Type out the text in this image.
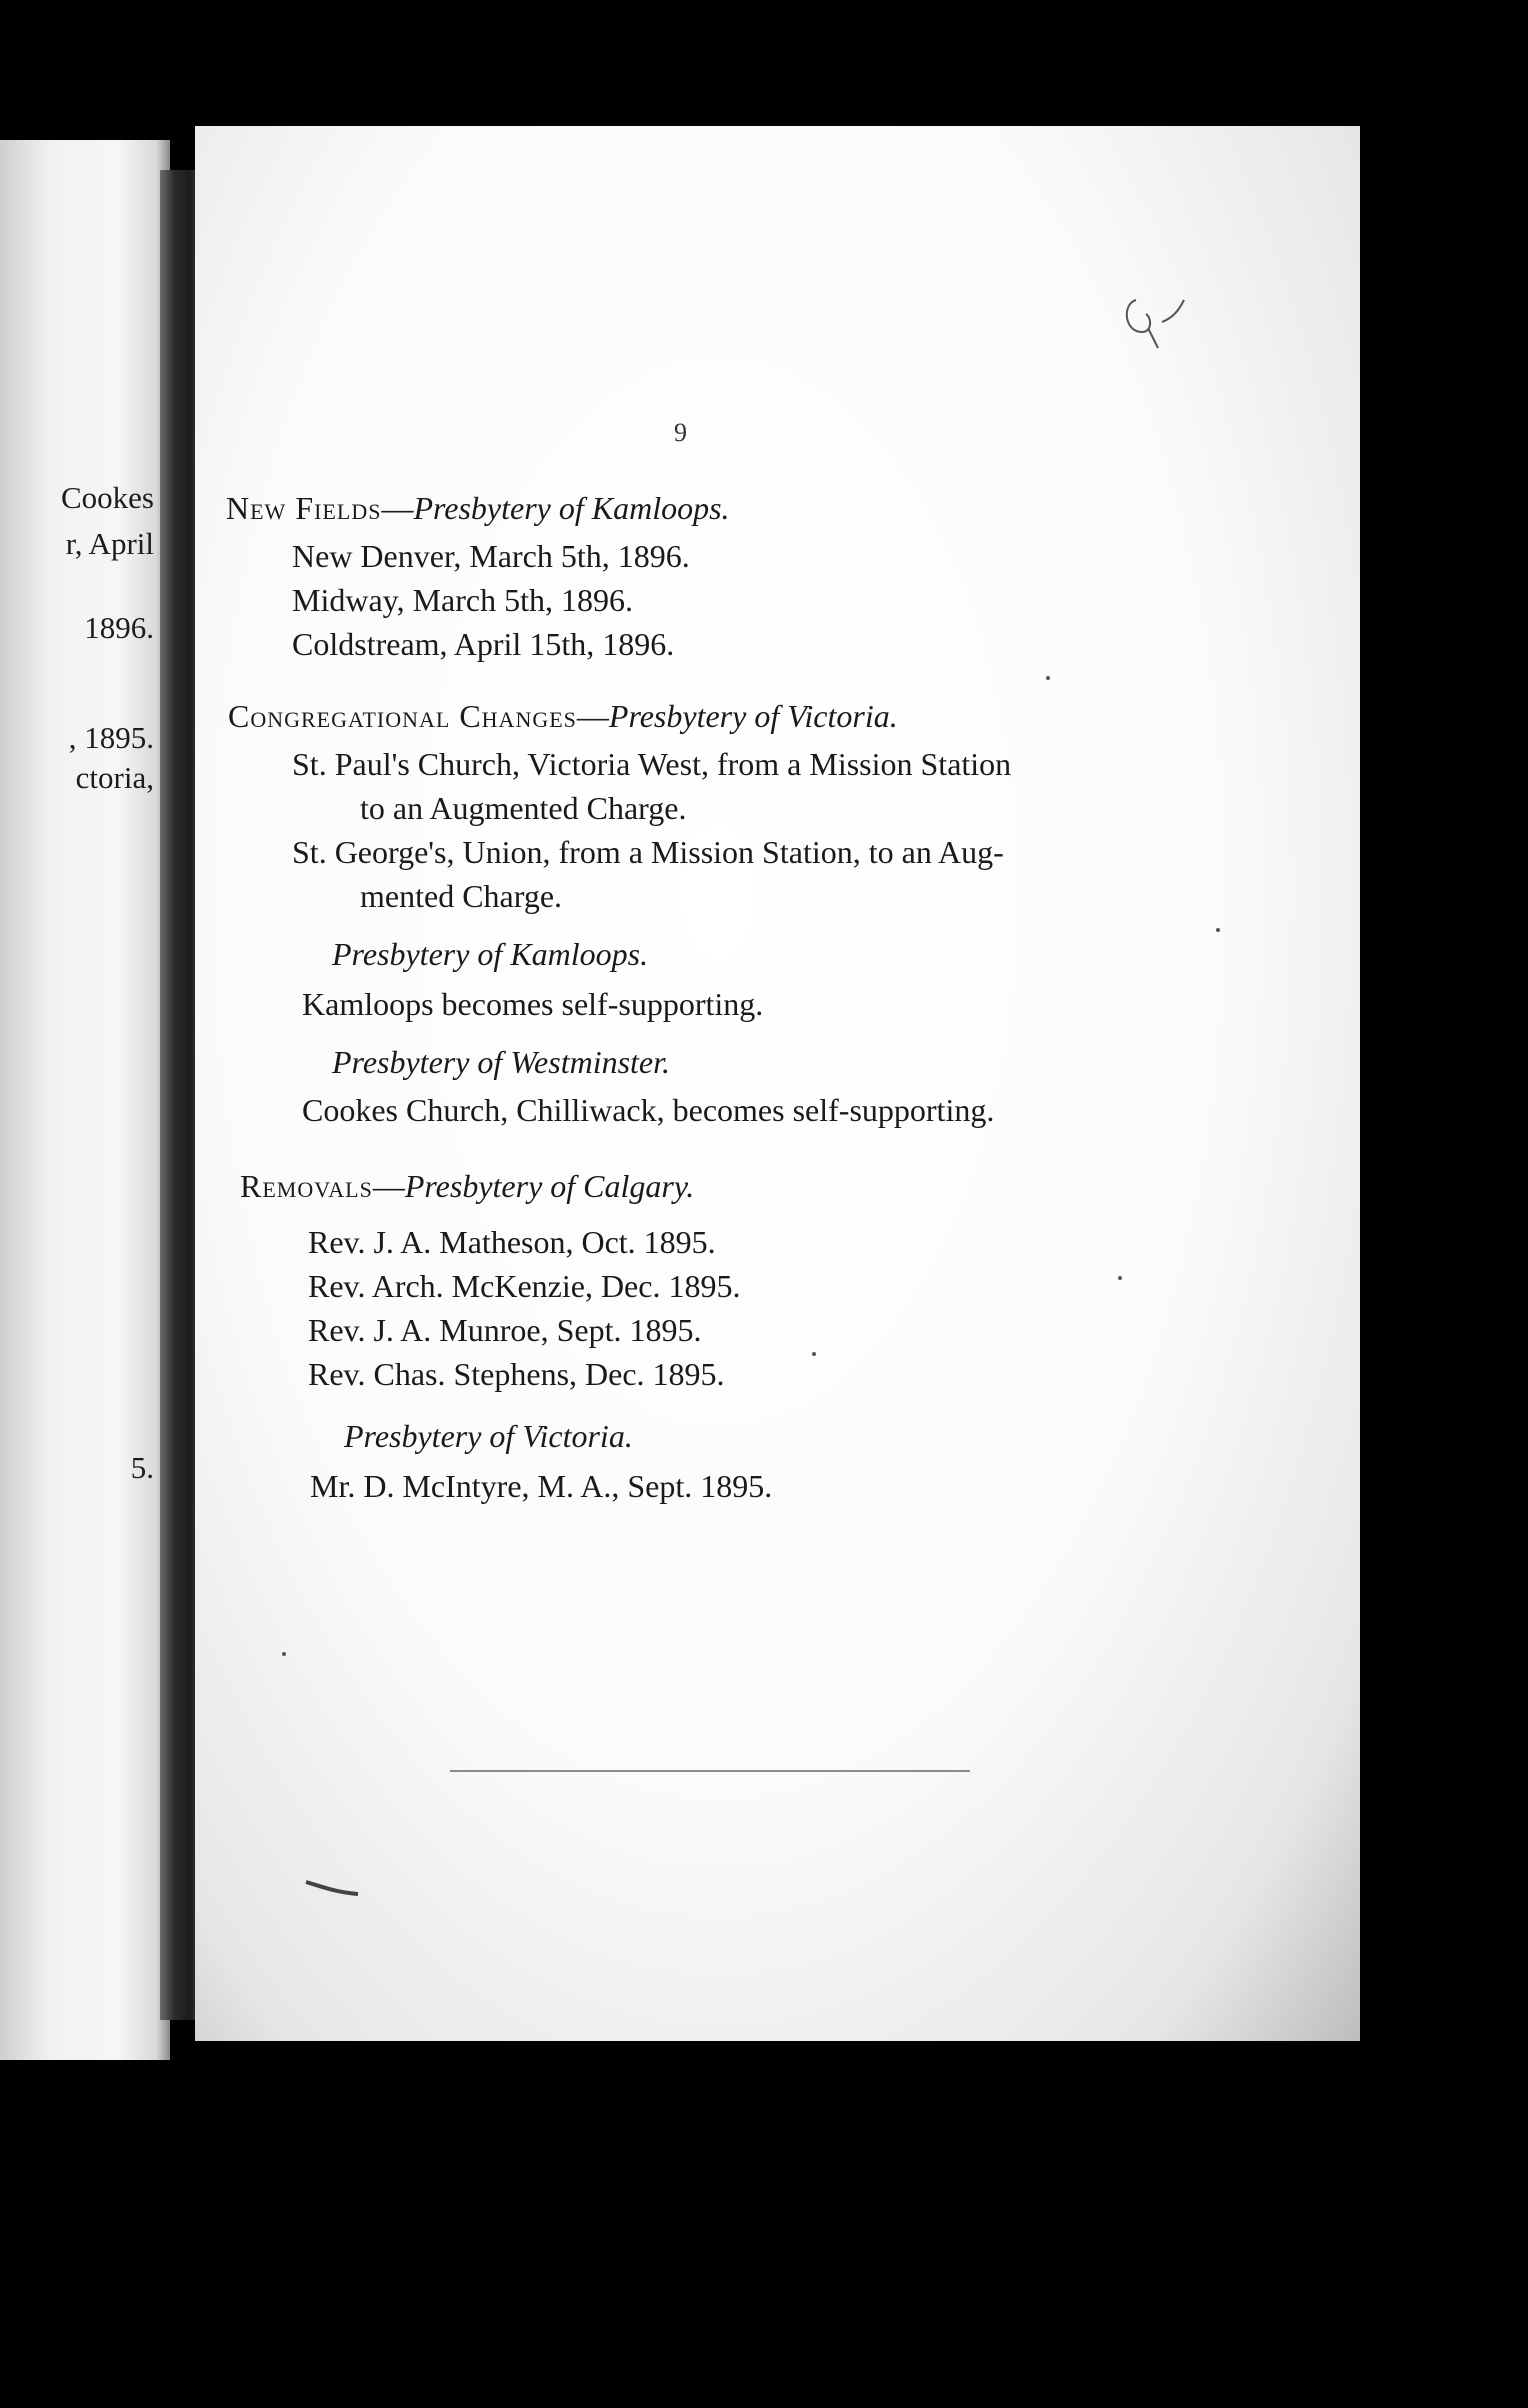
Cookes
r, April
1896.
, 1895.
ctoria,
5.
9
New Fields—Presbytery of Kamloops.
New Denver, March 5th, 1896.
Midway, March 5th, 1896.
Coldstream, April 15th, 1896.
Congregational Changes—Presbytery of Victoria.
St. Paul's Church, Victoria West, from a Mission Station
to an Augmented Charge.
St. George's, Union, from a Mission Station, to an Aug-
mented Charge.
Presbytery of Kamloops.
Kamloops becomes self-supporting.
Presbytery of Westminster.
Cookes Church, Chilliwack, becomes self-supporting.
Removals—Presbytery of Calgary.
Rev. J. A. Matheson, Oct. 1895.
Rev. Arch. McKenzie, Dec. 1895.
Rev. J. A. Munroe, Sept. 1895.
Rev. Chas. Stephens, Dec. 1895.
Presbytery of Victoria.
Mr. D. McIntyre, M. A., Sept. 1895.
